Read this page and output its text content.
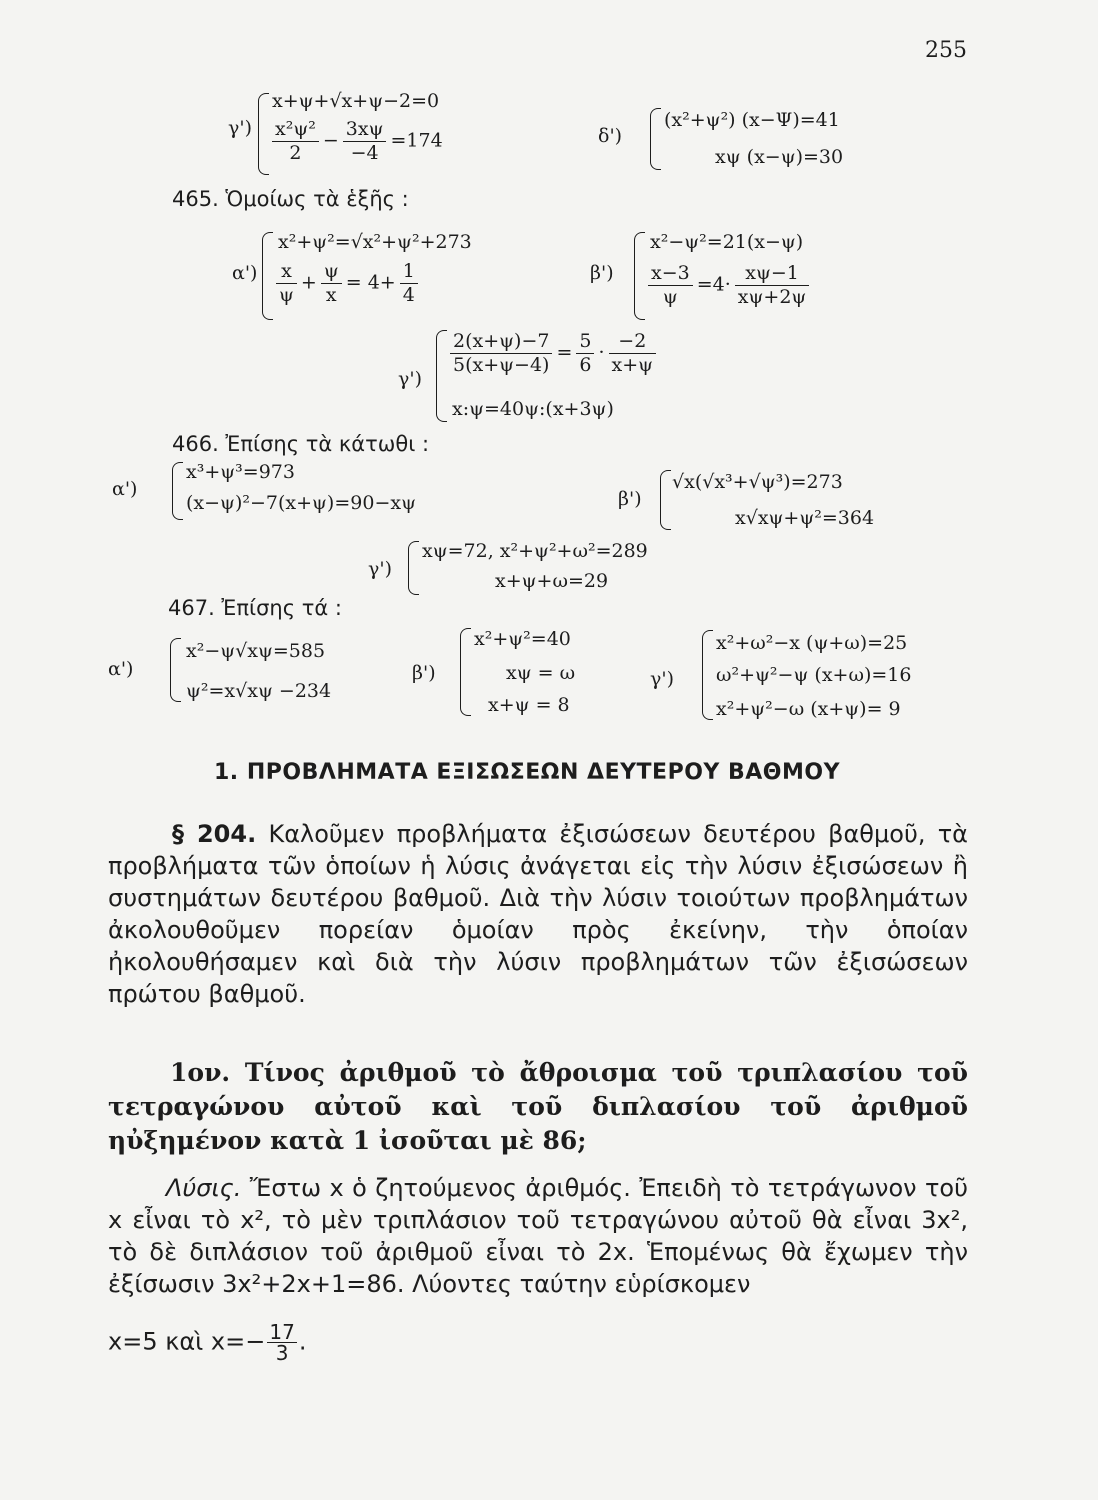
255
γ')
x+ψ+√x+ψ−2=0
$\frac{\text{x²ψ²}}{2} - \frac{3x\psi}{-4} =174$	δ')
(x²+ψ²) (x−Ψ)=41
xψ (x−ψ)=30
465. Ὁμοίως τὰ ἑξῆς :
α')
x²+ψ²=√x²+ψ²+273
$\frac{x}{\psi} + \frac{\psi}{x} = 4+ \frac{1}{4}$	β')
x²−ψ²=21(x−ψ)
$\frac{x-3}{\psi} =4\cdot \frac{x\psi-1}{x\psi+2\psi}$
γ')
$\frac{2(x+\psi)-7}{5(x+\psi-4)} = \frac{5}{6} \cdot \frac{-2}{x+\psi}$
x:ψ=40ψ:(x+3ψ)
466. Ἐπίσης τὰ κάτωθι :
α')
x³+ψ³=973
(x−ψ)²−7(x+ψ)=90−xψ	β')
√x(√x³+√ψ³)=273
x√xψ+ψ²=364
γ')
xψ=72, x²+ψ²+ω²=289
x+ψ+ω=29
467. Ἐπίσης τά :
α')
x²−ψ√xψ=585
ψ²=x√xψ −234
β')
x²+ψ²=40
xψ = ω
x+ψ = 8
γ')
x²+ω²−x (ψ+ω)=25
ω²+ψ²−ψ (x+ω)=16
x²+ψ²−ω (x+ψ)= 9
1. ΠΡΟΒΛΗΜΑΤΑ ΕΞΙΣΩΣΕΩΝ ΔΕΥΤΕΡΟΥ ΒΑΘΜΟΥ
§ 204. Καλοῦμεν προβλήματα ἐξισώσεων δευτέρου βαθμοῦ, τὰ προβλήματα τῶν ὁποίων ἡ λύσις ἀνάγεται εἰς τὴν λύσιν ἐξισώσεων ἢ συστημάτων δευτέρου βαθμοῦ. Διὰ τὴν λύσιν τοιούτων προβλημάτων ἀκολουθοῦμεν πορείαν ὁμοίαν πρὸς ἐκείνην, τὴν ὁποίαν ἠκολουθήσαμεν καὶ διὰ τὴν λύσιν προβλημάτων τῶν ἐξισώσεων πρώτου βαθμοῦ.
1ον. Τίνος ἀριθμοῦ τὸ ἄθροισμα τοῦ τριπλασίου τοῦ τετραγώνου αὐτοῦ καὶ τοῦ διπλασίου τοῦ ἀριθμοῦ ηὐξημένον κατὰ 1 ἰσοῦται μὲ 86;
Λύσις. Ἔστω x ὁ ζητούμενος ἀριθμός. Ἐπειδὴ τὸ τετράγωνον τοῦ x εἶναι τὸ x², τὸ μὲν τριπλάσιον τοῦ τετραγώνου αὐτοῦ θὰ εἶναι 3x², τὸ δὲ διπλάσιον τοῦ ἀριθμοῦ εἶναι τὸ 2x. Ἑπομένως θὰ ἔχωμεν τὴν ἐξίσωσιν 3x²+2x+1=86. Λύοντες ταύτην εὑρίσκομεν
x=5 καὶ $x=- \frac{17}{3}$ .
